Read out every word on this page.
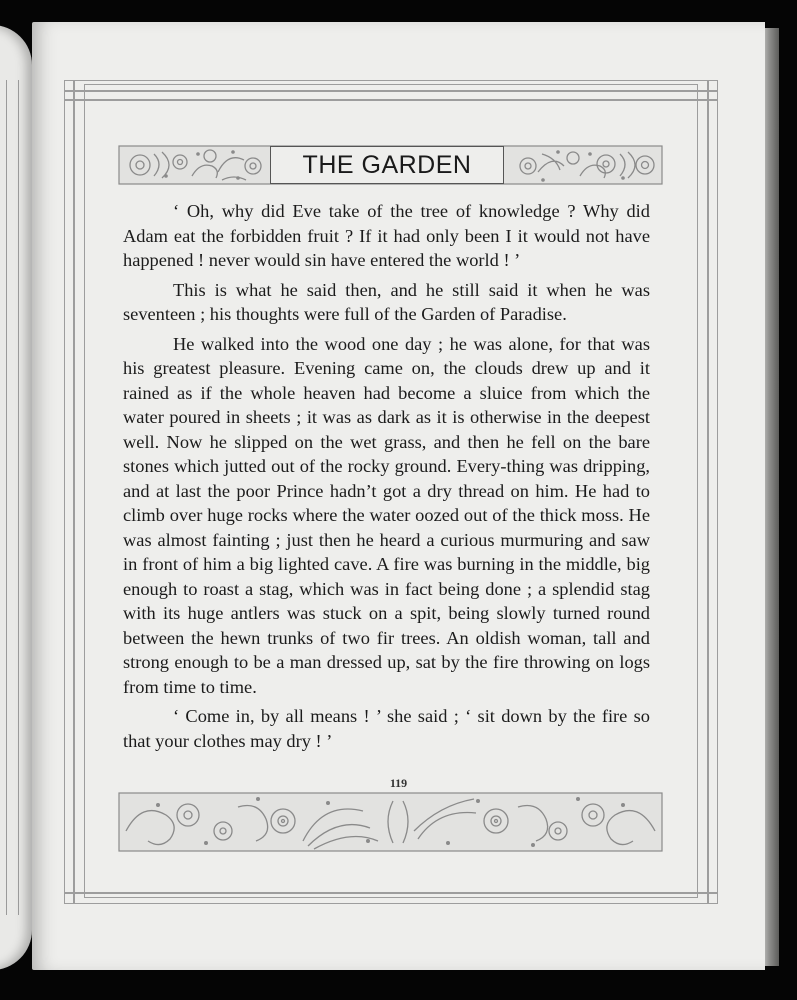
THE GARDEN

‘ Oh, why did Eve take of the tree of knowledge ? Why did Adam eat the forbidden fruit ? If it had only been I it would not have happened ! never would sin have entered the world ! ’

This is what he said then, and he still said it when he was seventeen ; his thoughts were full of the Garden of Paradise.

He walked into the wood one day ; he was alone, for that was his greatest pleasure. Evening came on, the clouds drew up and it rained as if the whole heaven had become a sluice from which the water poured in sheets ; it was as dark as it is otherwise in the deepest well. Now he slipped on the wet grass, and then he fell on the bare stones which jutted out of the rocky ground. Every-thing was dripping, and at last the poor Prince hadn’t got a dry thread on him. He had to climb over huge rocks where the water oozed out of the thick moss. He was almost fainting ; just then he heard a curious murmuring and saw in front of him a big lighted cave. A fire was burning in the middle, big enough to roast a stag, which was in fact being done ; a splendid stag with its huge antlers was stuck on a spit, being slowly turned round between the hewn trunks of two fir trees. An oldish woman, tall and strong enough to be a man dressed up, sat by the fire throwing on logs from time to time.

‘ Come in, by all means ! ’ she said ; ‘ sit down by the fire so that your clothes may dry ! ’

119
